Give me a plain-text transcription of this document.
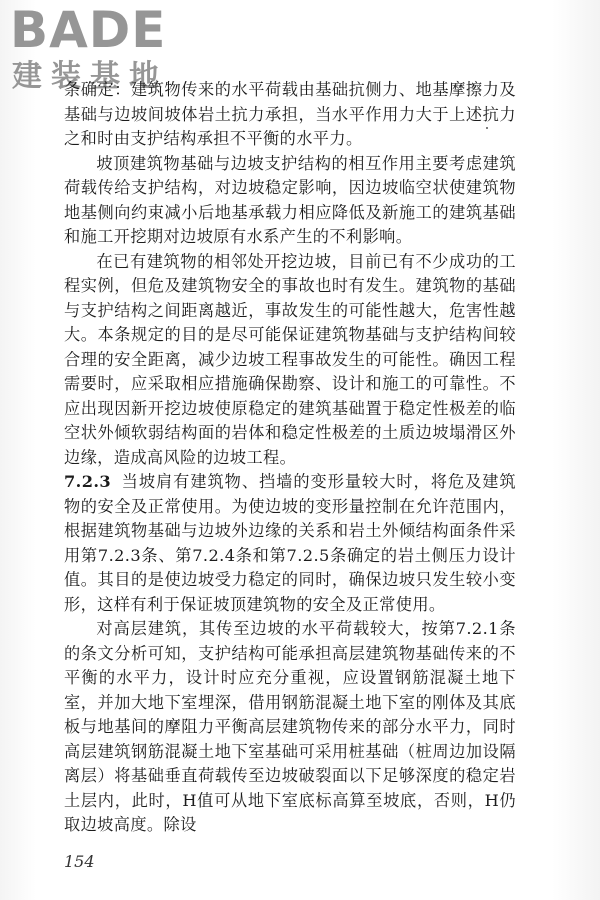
BADE
建装基地

条确定：建筑物传来的水平荷载由基础抗侧力、地基摩擦力及基础与边坡间坡体岩土抗力承担，当水平作用力大于上述抗力之和时由支护结构承担不平衡的水平力。

坡顶建筑物基础与边坡支护结构的相互作用主要考虑建筑荷载传给支护结构，对边坡稳定影响，因边坡临空状使建筑物地基侧向约束减小后地基承载力相应降低及新施工的建筑基础和施工开挖期对边坡原有水系产生的不利影响。

在已有建筑物的相邻处开挖边坡，目前已有不少成功的工程实例，但危及建筑物安全的事故也时有发生。建筑物的基础与支护结构之间距离越近，事故发生的可能性越大，危害性越大。本条规定的目的是尽可能保证建筑物基础与支护结构间较合理的安全距离，减少边坡工程事故发生的可能性。确因工程需要时，应采取相应措施确保勘察、设计和施工的可靠性。不应出现因新开挖边坡使原稳定的建筑基础置于稳定性极差的临空状外倾软弱结构面的岩体和稳定性极差的土质边坡塌滑区外边缘，造成高风险的边坡工程。

7.2.3 当坡肩有建筑物、挡墙的变形量较大时，将危及建筑物的安全及正常使用。为使边坡的变形量控制在允许范围内，根据建筑物基础与边坡外边缘的关系和岩土外倾结构面条件采用第7.2.3条、第7.2.4条和第7.2.5条确定的岩土侧压力设计值。其目的是使边坡受力稳定的同时，确保边坡只发生较小变形，这样有利于保证坡顶建筑物的安全及正常使用。

对高层建筑，其传至边坡的水平荷载较大，按第7.2.1条的条文分析可知，支护结构可能承担高层建筑物基础传来的不平衡的水平力，设计时应充分重视，应设置钢筋混凝土地下室，并加大地下室埋深，借用钢筋混凝土地下室的刚体及其底板与地基间的摩阻力平衡高层建筑物传来的部分水平力，同时高层建筑钢筋混凝土地下室基础可采用桩基础（桩周边加设隔离层）将基础垂直荷载传至边坡破裂面以下足够深度的稳定岩土层内，此时，H值可从地下室底标高算至坡底，否则，H仍取边坡高度。除设

154
